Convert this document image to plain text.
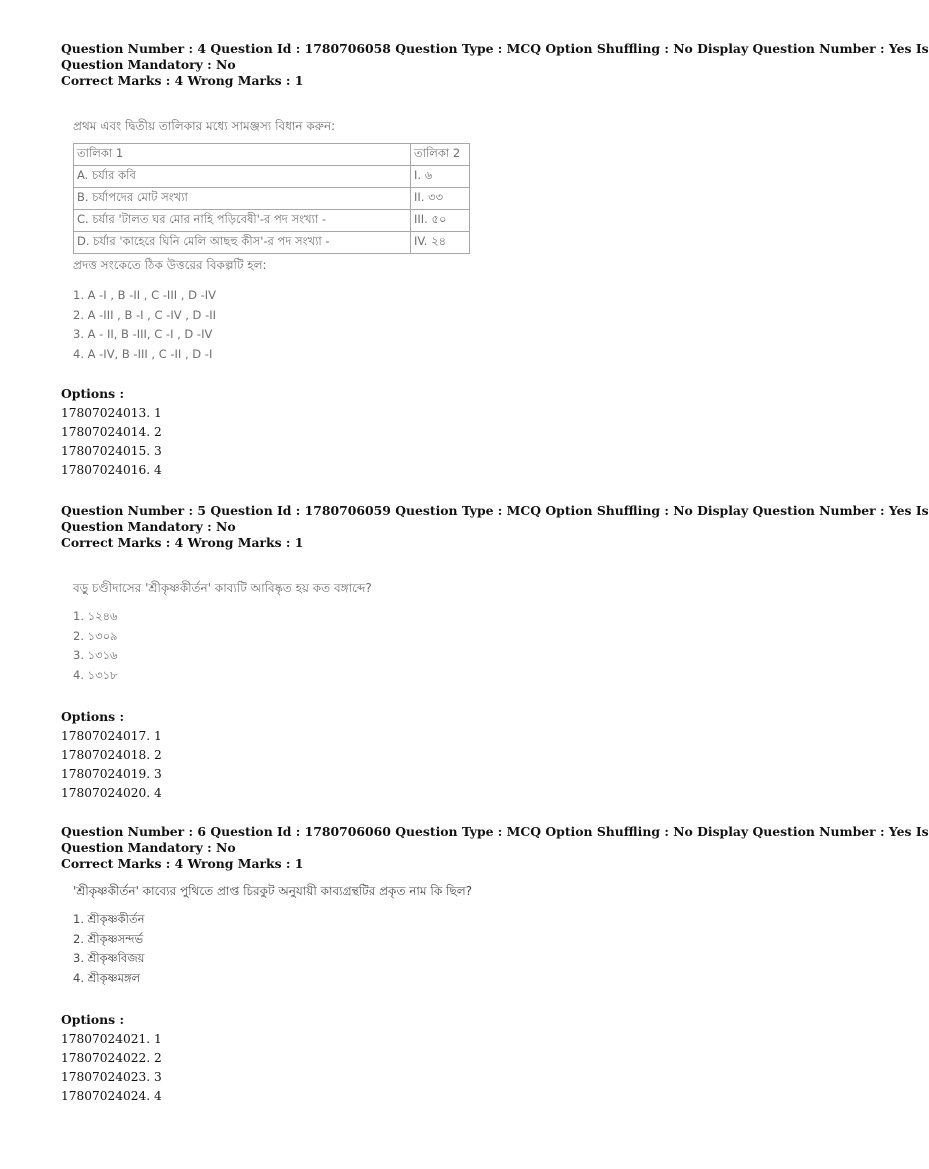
Question Number : 4 Question Id : 1780706058 Question Type : MCQ Option Shuffling : No Display Question Number : Yes Is
Question Mandatory : No
Correct Marks : 4 Wrong Marks : 1

প্রথম এবং দ্বিতীয় তালিকার মধ্যে সামঞ্জস্য বিধান করুন:

তালিকা 1	তালিকা 2
A. চর্যার কবি	I. ৬
B. চর্যাপদের মোট সংখ্যা	II. ৩৩
C. চর্যার 'টালত ঘর মোর নাহি পড়িবেষী'-র পদ সংখ্যা -	III. ৫০
D. চর্যার 'কাহেরে ঘিনি মেলি আছহু কীস'-র পদ সংখ্যা -	IV. ২৪

প্রদত্ত সংকেতে ঠিক উত্তরের বিকল্পটি হল:

1. A -I , B -II , C -III , D -IV
2. A -III , B -I , C -IV , D -II
3. A - II, B -III, C -I , D -IV
4. A -IV, B -III , C -II , D -I

Options :

17807024013. 1
17807024014. 2
17807024015. 3
17807024016. 4
Question Number : 5 Question Id : 1780706059 Question Type : MCQ Option Shuffling : No Display Question Number : Yes Is
Question Mandatory : No
Correct Marks : 4 Wrong Marks : 1

বড়ু চণ্ডীদাসের 'শ্রীকৃষ্ণকীর্তন' কাব্যটি আবিষ্কৃত হয় কত বঙ্গাব্দে?

1. ১২৪৬
2. ১৩০৯
3. ১৩১৬
4. ১৩১৮

Options :

17807024017. 1
17807024018. 2
17807024019. 3
17807024020. 4
Question Number : 6 Question Id : 1780706060 Question Type : MCQ Option Shuffling : No Display Question Number : Yes Is
Question Mandatory : No
Correct Marks : 4 Wrong Marks : 1

'শ্রীকৃষ্ণকীর্তন' কাব্যের পুথিতে প্রাপ্ত চিরকুট অনুযায়ী কাব্যগ্রন্থটির প্রকৃত নাম কি ছিল?

1. শ্রীকৃষ্ণকীর্তন
2. শ্রীকৃষ্ণসন্দর্ভ
3. শ্রীকৃষ্ণবিজয়
4. শ্রীকৃষ্ণমঙ্গল

Options :

17807024021. 1
17807024022. 2
17807024023. 3
17807024024. 4
